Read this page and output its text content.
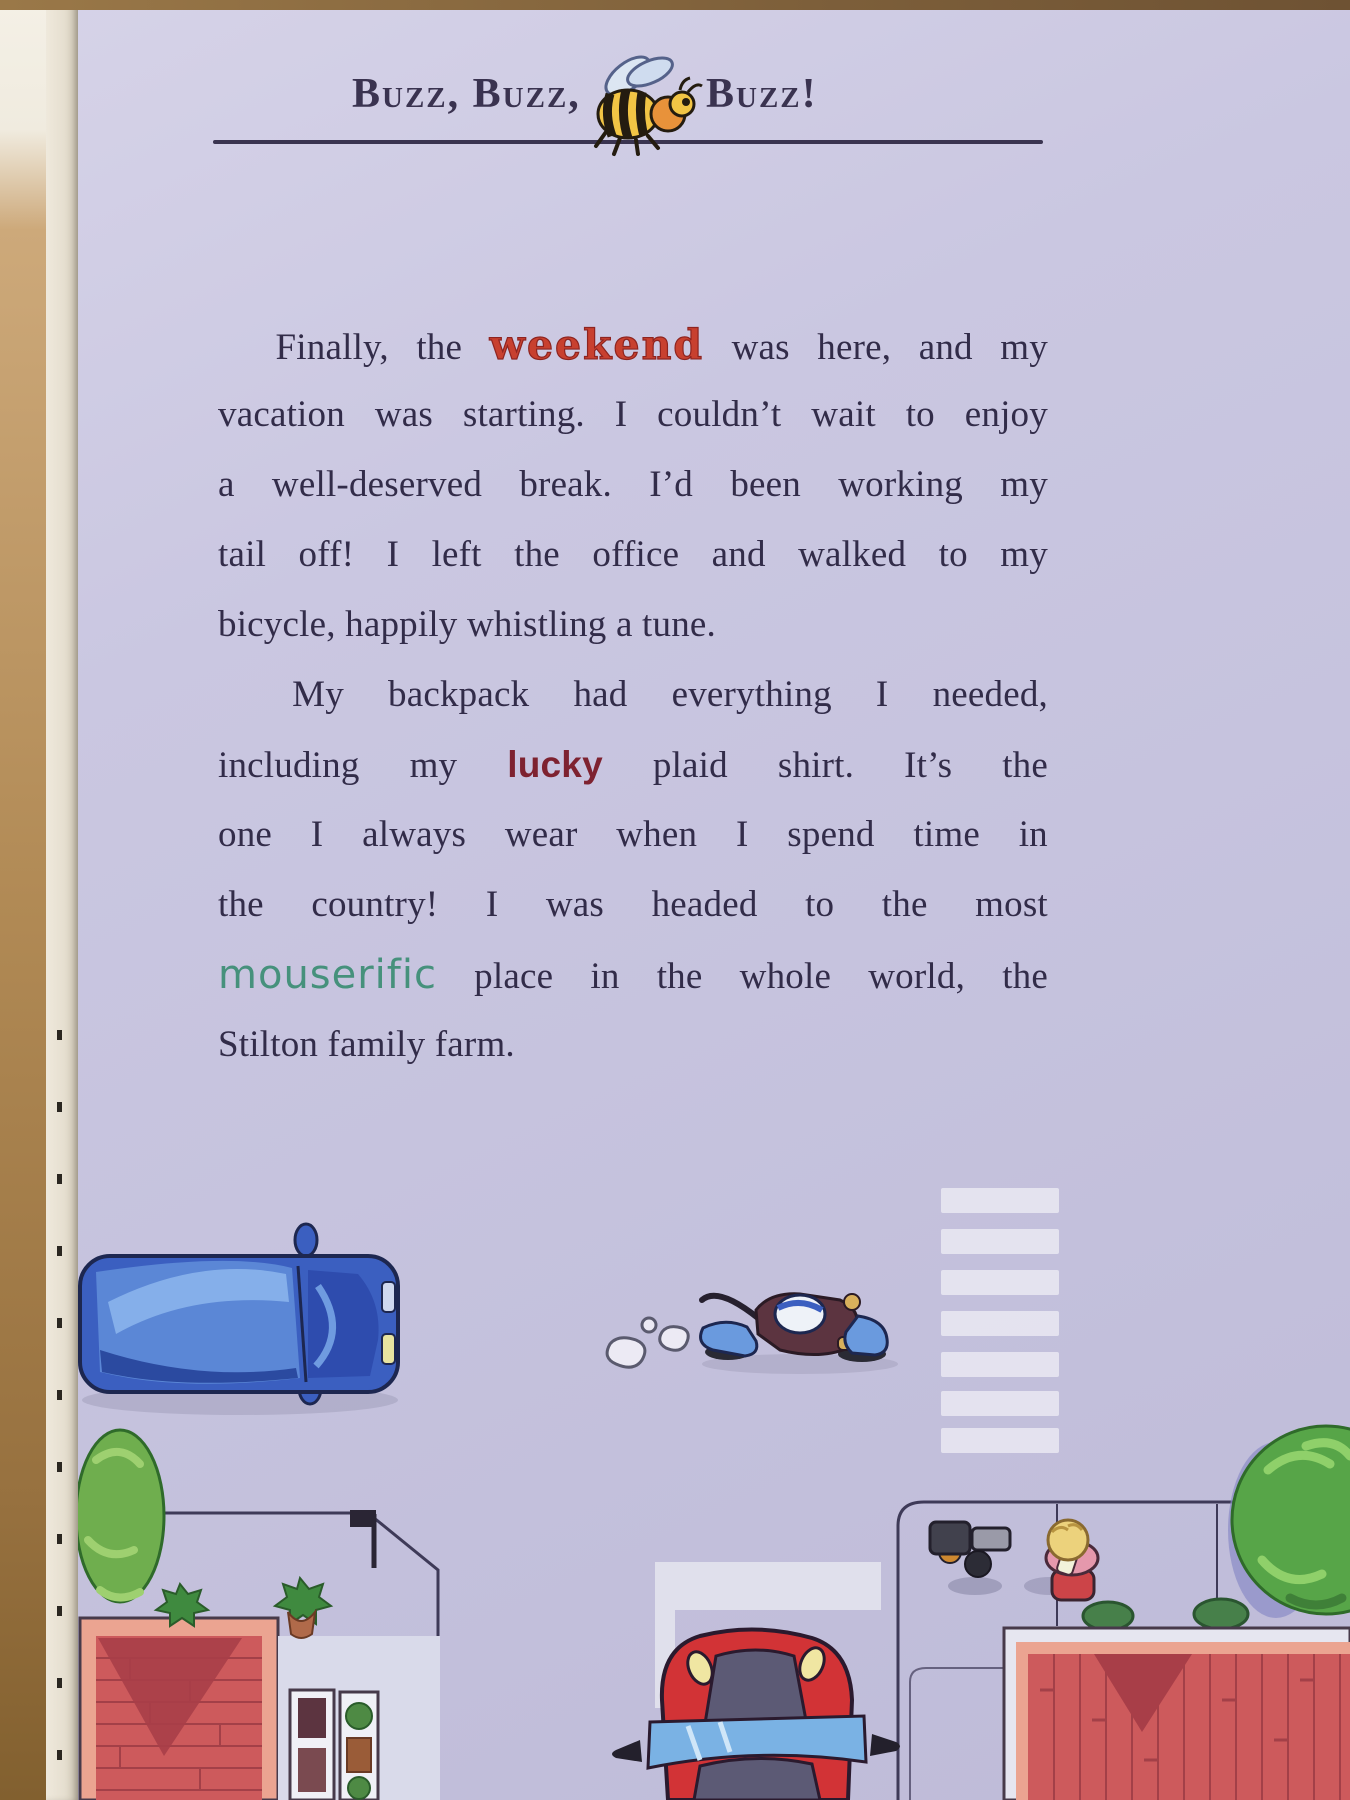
Buzz, Buzz,	Buzz!
Finally, the weekend was here, and my
vacation was starting. I couldn’t wait to enjoy
a well-deserved break. I’d been working my
tail off! I left the office and walked to my
bicycle, happily whistling a tune.
My backpack had everything I needed,
including my lucky plaid shirt. It’s the
one I always wear when I spend time in
the country! I was headed to the most
mouserific place in the whole world, the
Stilton family farm.
